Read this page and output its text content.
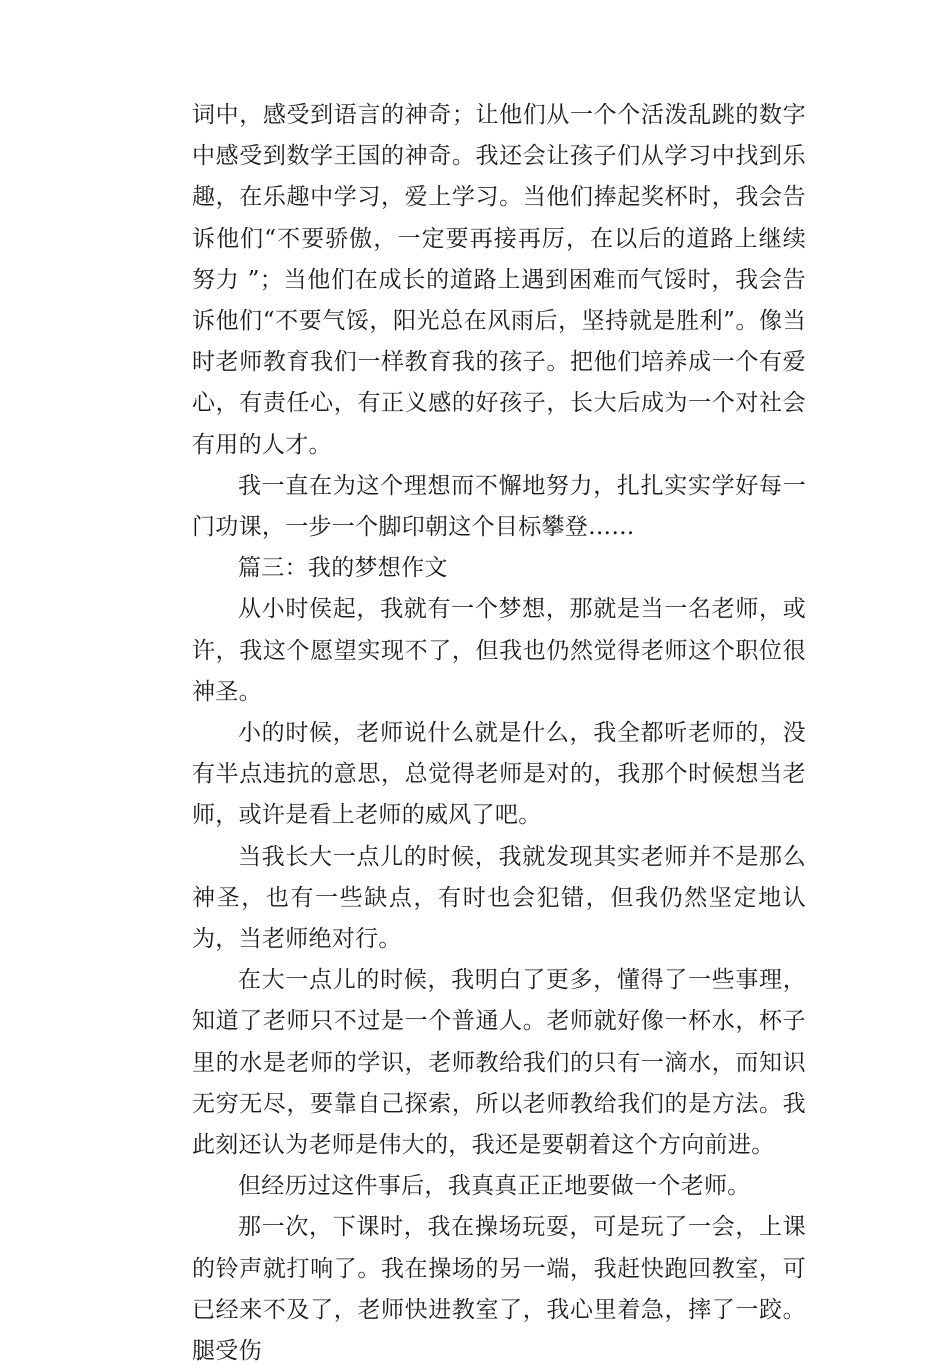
词中，感受到语言的神奇；让他们从一个个活泼乱跳的数字中感受到数学王国的神奇。我还会让孩子们从学习中找到乐趣，在乐趣中学习，爱上学习。当他们捧起奖杯时，我会告诉他们“不要骄傲，一定要再接再厉，在以后的道路上继续努力 ”；当他们在成长的道路上遇到困难而气馁时，我会告诉他们“不要气馁，阳光总在风雨后，坚持就是胜利”。像当时老师教育我们一样教育我的孩子。把他们培养成一个有爱心，有责任心，有正义感的好孩子，长大后成为一个对社会有用的人才。

我一直在为这个理想而不懈地努力，扎扎实实学好每一门功课，一步一个脚印朝这个目标攀登……

篇三：我的梦想作文

从小时侯起，我就有一个梦想，那就是当一名老师，或许，我这个愿望实现不了，但我也仍然觉得老师这个职位很神圣。

小的时候，老师说什么就是什么，我全都听老师的，没有半点违抗的意思，总觉得老师是对的，我那个时候想当老师，或许是看上老师的威风了吧。

当我长大一点儿的时候，我就发现其实老师并不是那么神圣，也有一些缺点，有时也会犯错，但我仍然坚定地认为，当老师绝对行。

在大一点儿的时候，我明白了更多，懂得了一些事理，知道了老师只不过是一个普通人。老师就好像一杯水，杯子里的水是老师的学识，老师教给我们的只有一滴水，而知识无穷无尽，要靠自己探索，所以老师教给我们的是方法。我此刻还认为老师是伟大的，我还是要朝着这个方向前进。

但经历过这件事后，我真真正正地要做一个老师。

那一次，下课时，我在操场玩耍，可是玩了一会，上课的铃声就打响了。我在操场的另一端，我赶快跑回教室，可已经来不及了，老师快进教室了，我心里着急，摔了一跤。腿受伤
